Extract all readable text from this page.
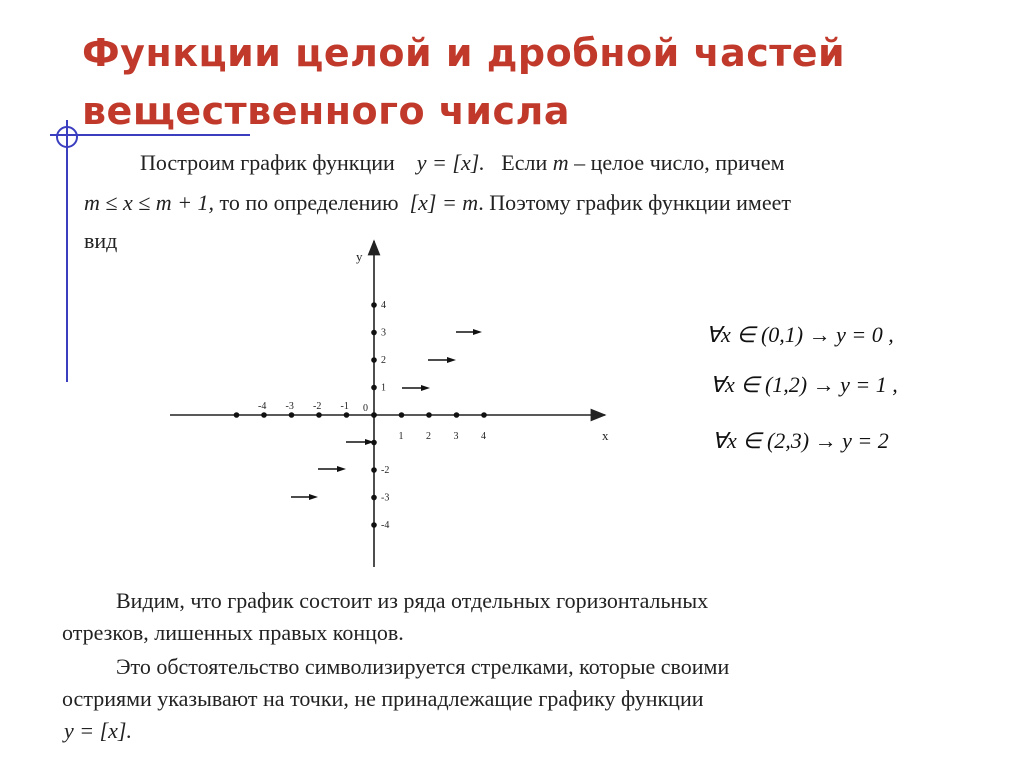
Функции целой и дробной частей
вещественного числа
Построим график функции y = [x]. Если m – целое число, причем
m ≤ x ≤ m + 1, то по определению [x] = m. Поэтому график функции имеет
вид
x
y
0
-4 -3 -2 -1
1 2 3 4
4
3
2
1
-2
-3
-4
∀x ∈ (0,1) → y = 0 ,
∀x ∈ (1,2) → y = 1 ,
∀x ∈ (2,3) → y = 2
Видим, что график состоит из ряда отдельных горизонтальных
отрезков, лишенных правых концов.
Это обстоятельство символизируется стрелками, которые своими
остриями указывают на точки, не принадлежащие графику функции
y = [x].
